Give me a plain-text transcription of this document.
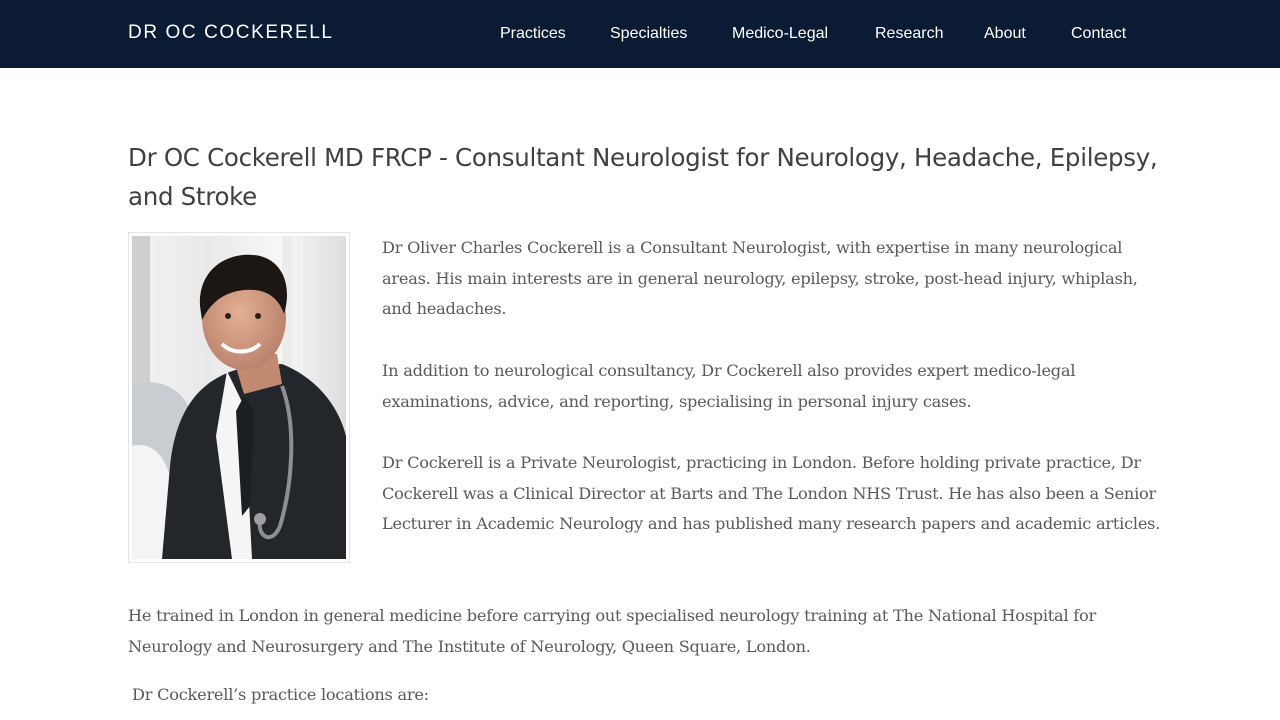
DR OC COCKERELL	Practices	Specialties	Medico-Legal	Research	About	Contact
Dr OC Cockerell MD FRCP - Consultant Neurologist for Neurology, Headache, Epilepsy, and Stroke

Dr Oliver Charles Cockerell is a Consultant Neurologist, with expertise in many neurological areas. His main interests are in general neurology, epilepsy, stroke, post-head injury, whiplash, and headaches.

In addition to neurological consultancy, Dr Cockerell also provides expert medico-legal examinations, advice, and reporting, specialising in personal injury cases.

Dr Cockerell is a Private Neurologist, practicing in London. Before holding private practice, Dr Cockerell was a Clinical Director at Barts and The London NHS Trust. He has also been a Senior Lecturer in Academic Neurology and has published many research papers and academic articles.

He trained in London in general medicine before carrying out specialised neurology training at The National Hospital for Neurology and Neurosurgery and The Institute of Neurology, Queen Square, London.

Dr Cockerell’s practice locations are:
